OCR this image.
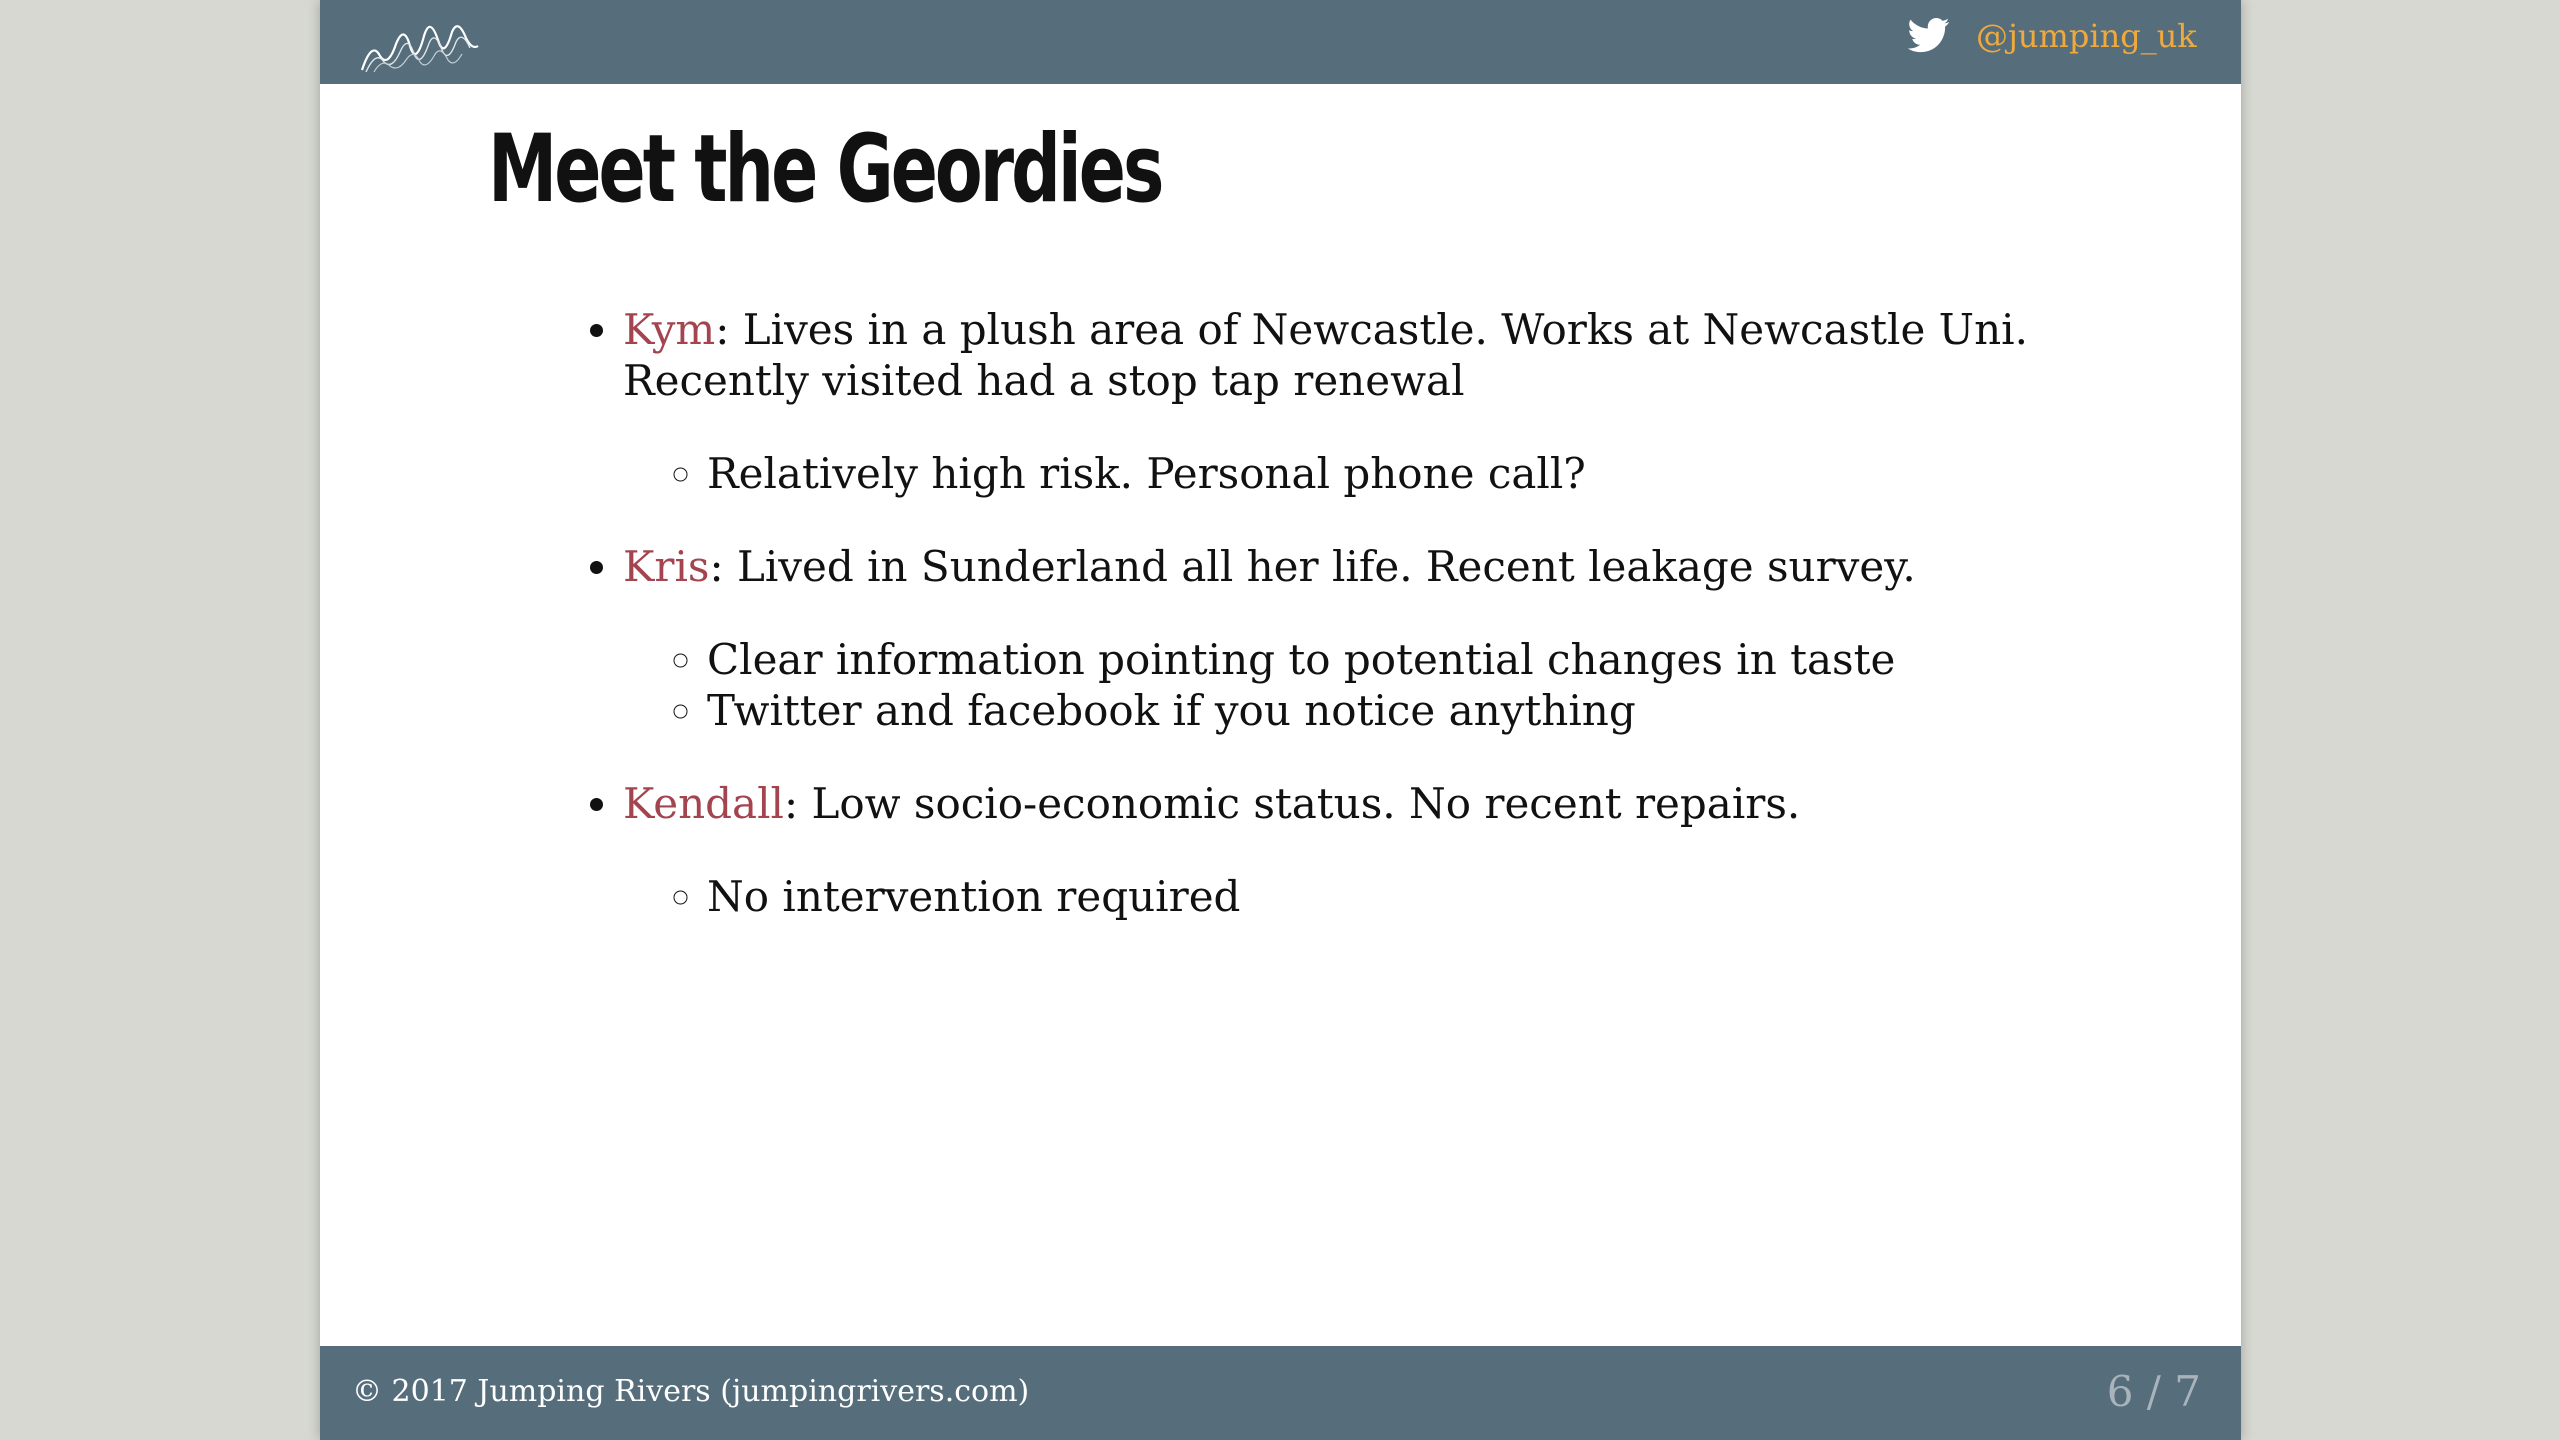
@jumping_uk
Meet the Geordies
• Kym: Lives in a plush area of Newcastle. Works at Newcastle Uni. Recently visited had a stop tap renewal
◦ Relatively high risk. Personal phone call?
• Kris: Lived in Sunderland all her life. Recent leakage survey.
◦ Clear information pointing to potential changes in taste
◦ Twitter and facebook if you notice anything
• Kendall: Low socio-economic status. No recent repairs.
◦ No intervention required
© 2017 Jumping Rivers (jumpingrivers.com)	6 / 7
